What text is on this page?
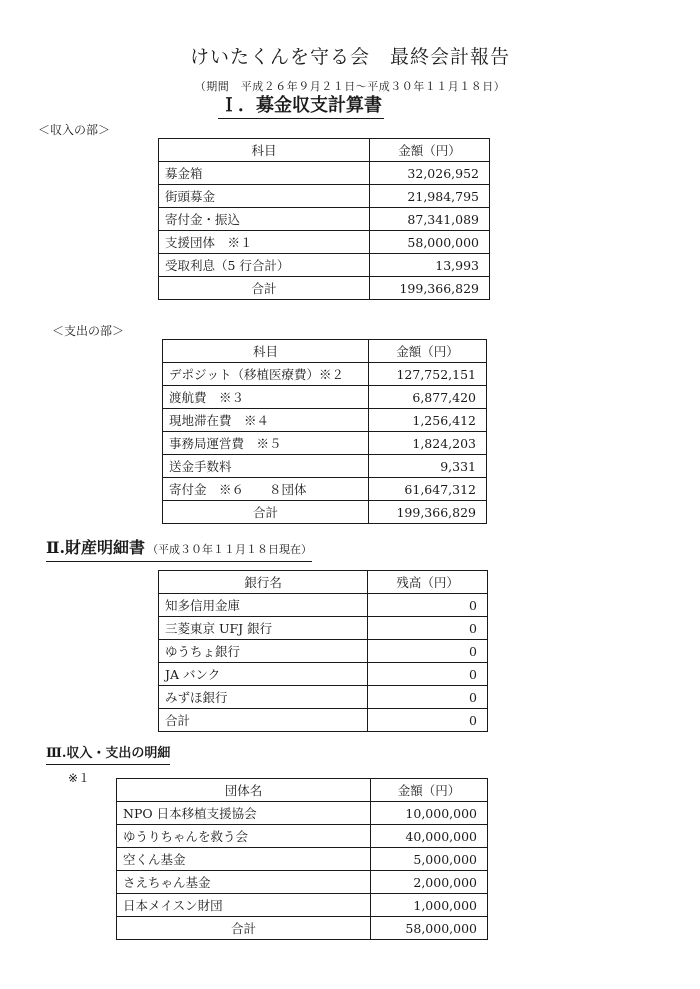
けいたくんを守る会　最終会計報告
（期間　平成２６年９月２１日～平成３０年１１月１８日）
Ｉ．募金収支計算書
＜収入の部＞
科目	金額（円）
募金箱	32,026,952
街頭募金	21,984,795
寄付金・振込	87,341,089
支援団体　※１	58,000,000
受取利息（5 行合計）	13,993
合計	199,366,829
＜支出の部＞
科目	金額（円）
デポジット（移植医療費）※２	127,752,151
渡航費　※３	6,877,420
現地滞在費　※４	1,256,412
事務局運営費　※５	1,824,203
送金手数料	9,331
寄付金　※６　　８団体	61,647,312
合計	199,366,829
Ⅱ.財産明細書 （平成３０年１１月１８日現在）
銀行名	残高（円）
知多信用金庫	0
三菱東京 UFJ 銀行	0
ゆうちょ銀行	0
JA バンク	0
みずほ銀行	0
合計	0
Ⅲ.収入・支出の明細
※１
団体名	金額（円）
NPO 日本移植支援協会	10,000,000
ゆうりちゃんを救う会	40,000,000
空くん基金	5,000,000
さえちゃん基金	2,000,000
日本メイスン財団	1,000,000
合計	58,000,000
